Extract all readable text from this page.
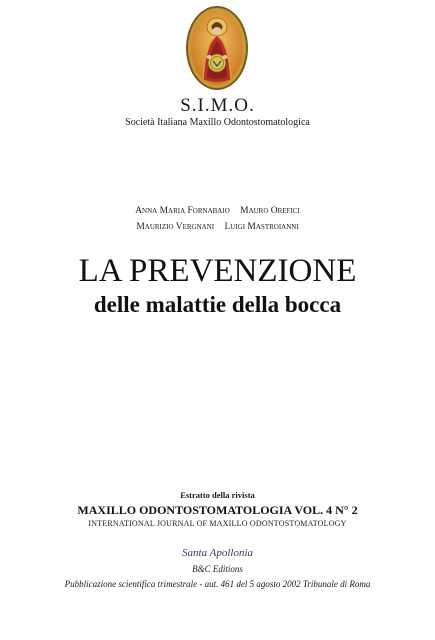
S.I.M.O.
Società Italiana Maxillo Odontostomatologica
Anna Maria Fornabaio Mauro Orefici
Maurizio Vergnani Luigi Mastroianni
LA PREVENZIONE
delle malattie della bocca
Estratto della rivista
MAXILLO ODONTOSTOMATOLOGIA VOL. 4 N° 2
INTERNATIONAL JOURNAL OF MAXILLO ODONTOSTOMATOLOGY
Santa Apollonia
B&C Editions
Pubblicazione scientifica trimestrale - aut. 461 del 5 agosto 2002 Tribunale di Roma
